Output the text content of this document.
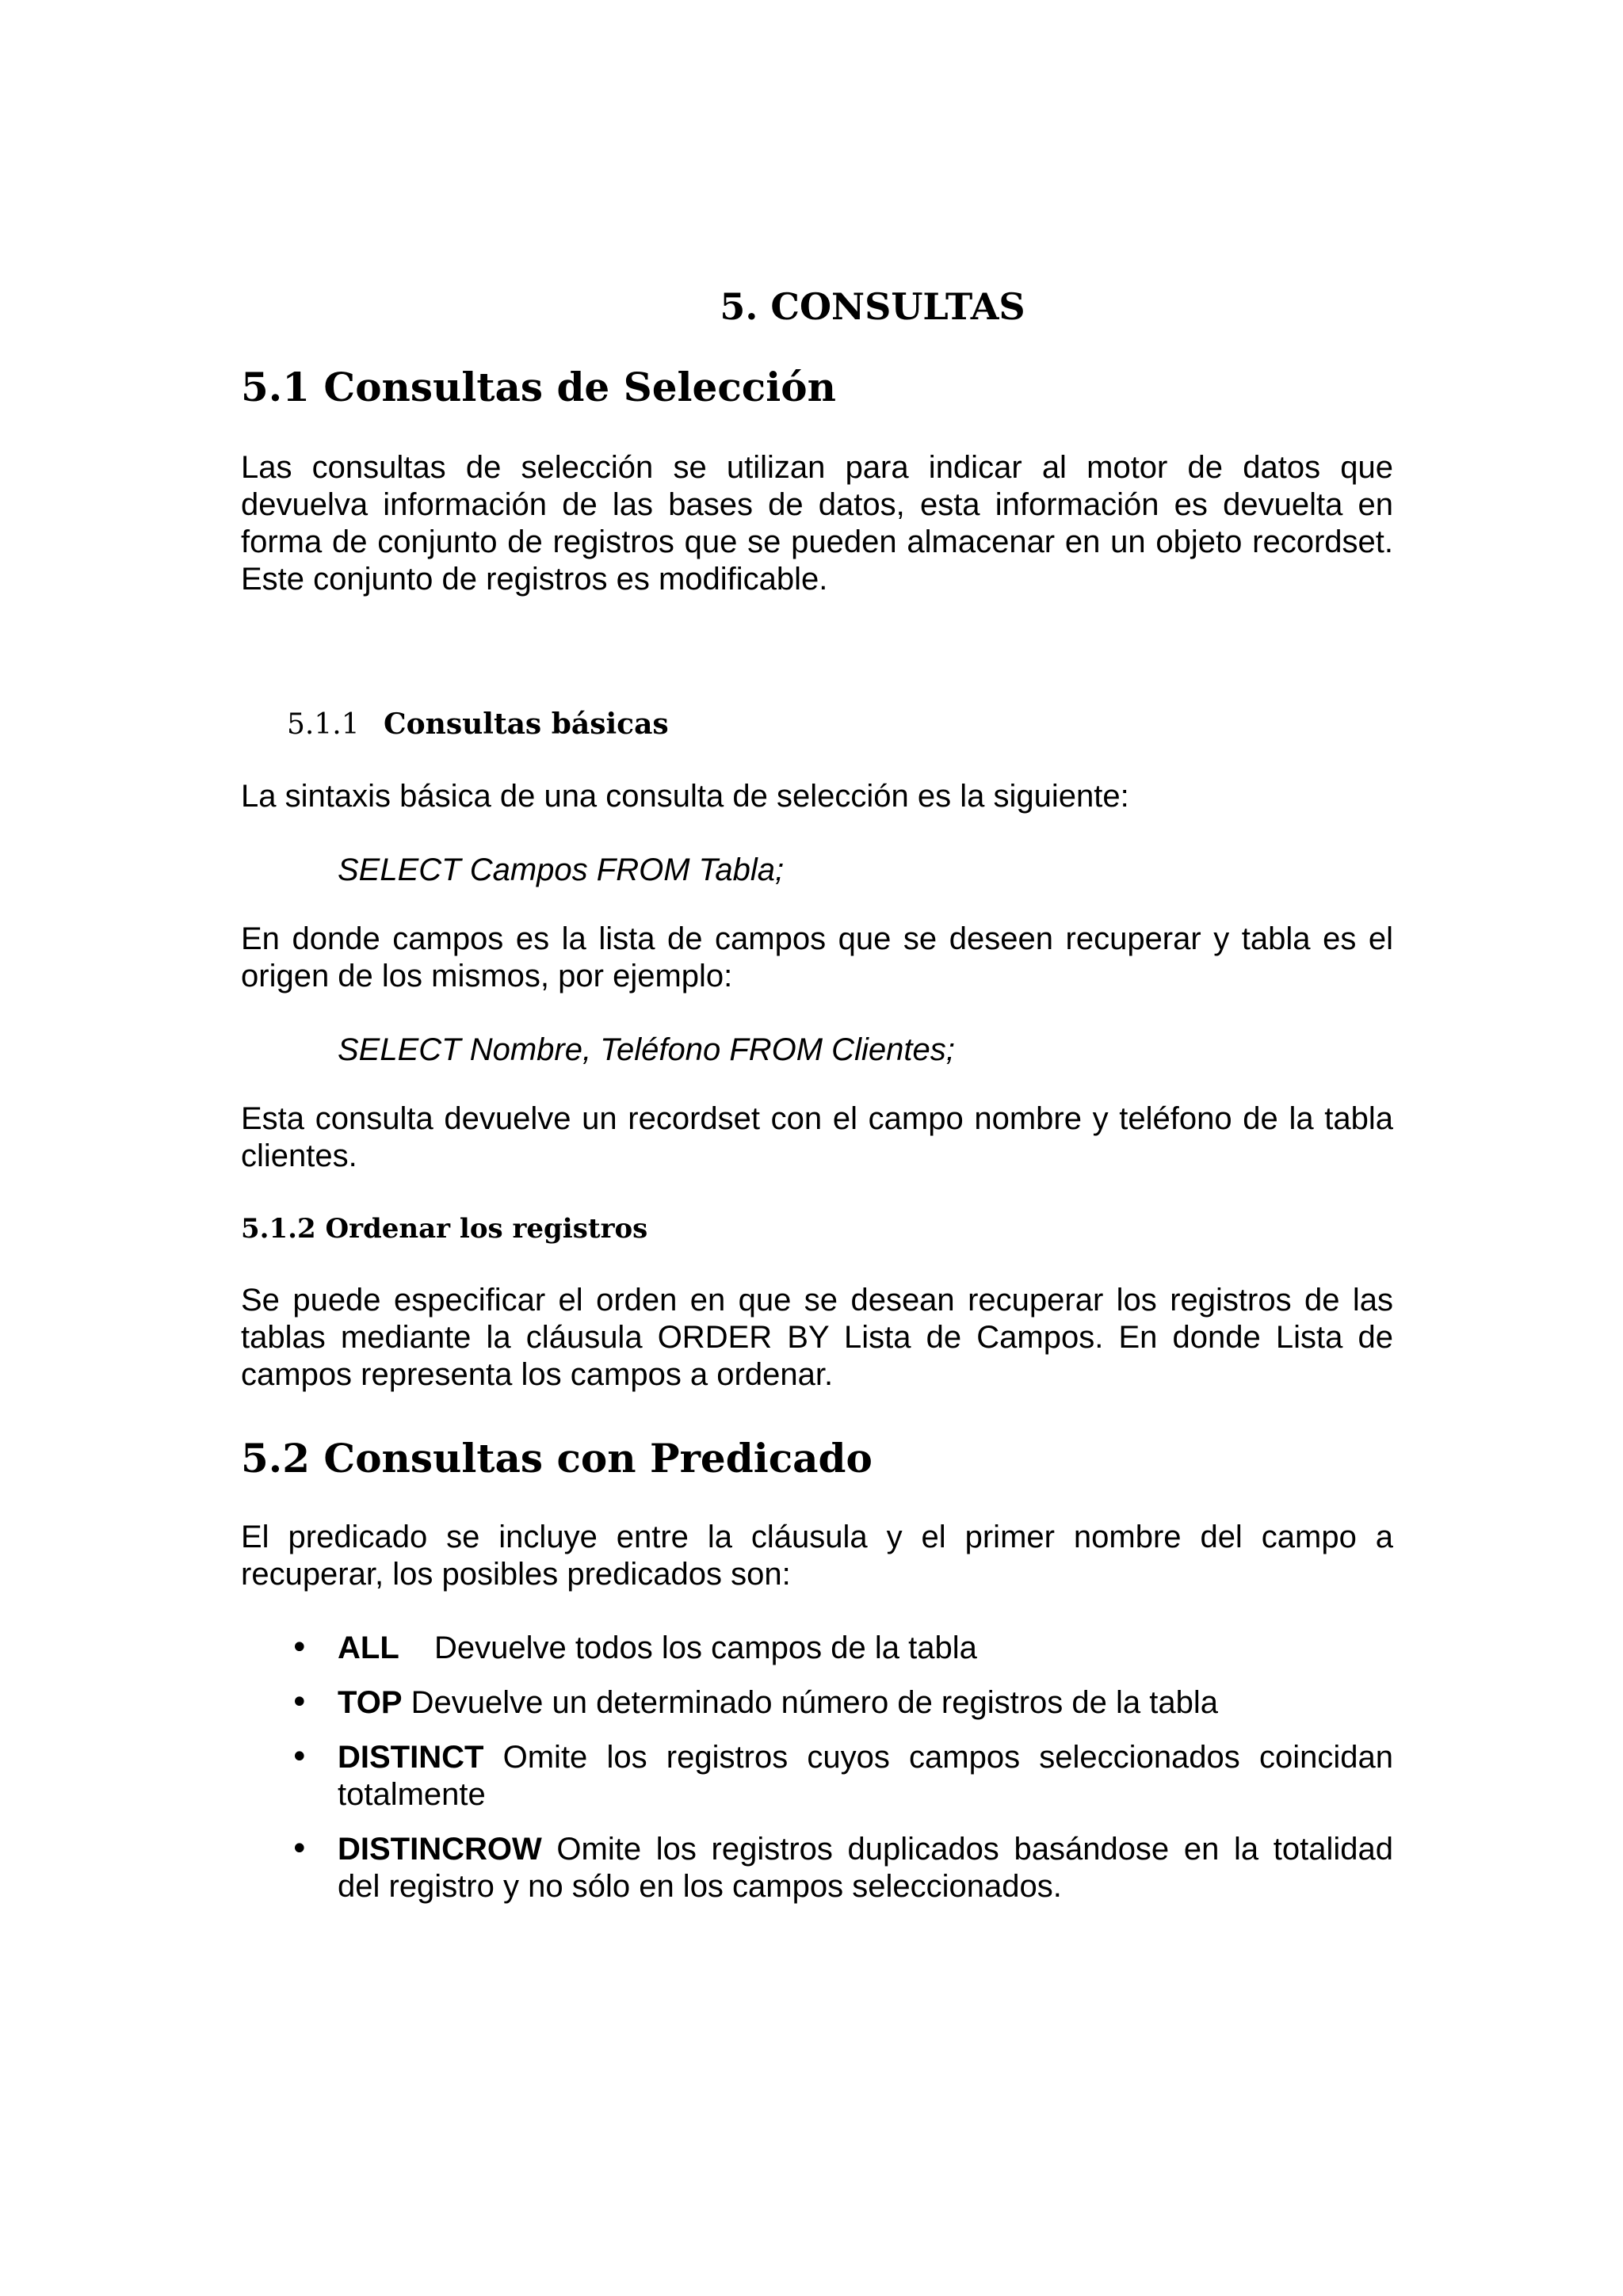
5. CONSULTAS
5.1 Consultas de Selección

Las consultas de selección se utilizan para indicar al motor de datos que devuelva información de las bases de datos, esta información es devuelta en forma de conjunto de registros que se pueden almacenar en un objeto recordset. Este conjunto de registros es modificable.

5.1.1 Consultas básicas

La sintaxis básica de una consulta de selección es la siguiente:

SELECT Campos FROM Tabla;

En donde campos es la lista de campos que se deseen recuperar y tabla es el origen de los mismos, por ejemplo:

SELECT Nombre, Teléfono FROM Clientes;

Esta consulta devuelve un recordset con el campo nombre y teléfono de la tabla clientes.

5.1.2 Ordenar los registros

Se puede especificar el orden en que se desean recuperar los registros de las tablas mediante la cláusula ORDER BY Lista de Campos. En donde Lista de campos representa los campos a ordenar.

5.2 Consultas con Predicado

El predicado se incluye entre la cláusula y el primer nombre del campo a recuperar, los posibles predicados son:

• ALL Devuelve todos los campos de la tabla
• TOP Devuelve un determinado número de registros de la tabla
• DISTINCT Omite los registros cuyos campos seleccionados coincidan totalmente
• DISTINCROW Omite los registros duplicados basándose en la totalidad del registro y no sólo en los campos seleccionados.
